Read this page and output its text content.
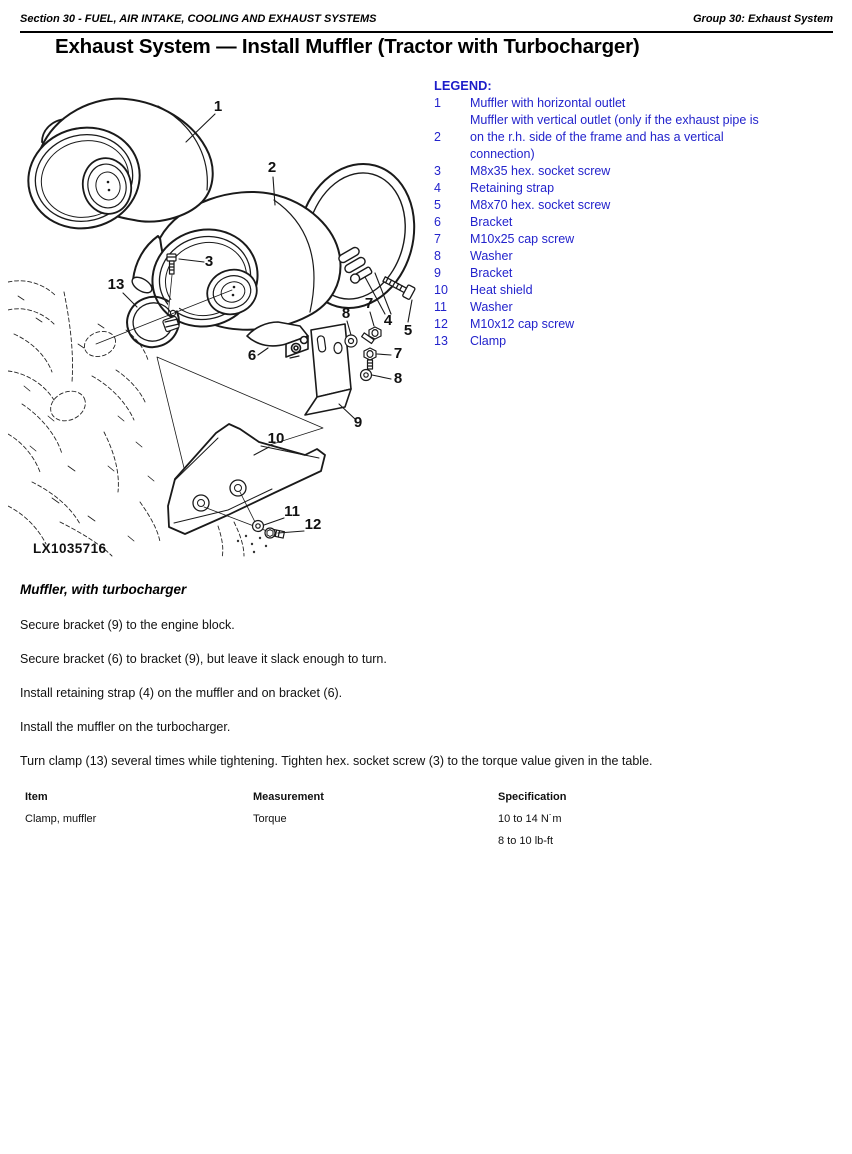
Section 30 - FUEL, AIR INTAKE, COOLING AND EXHAUST SYSTEMS	Group 30: Exhaust System
Exhaust System — Install Muffler (Tractor with Turbocharger)
1
2
3
13
8
7
4
5
6	7
8
9
10
11
12
LX1035716
LEGEND:
1	Muffler with horizontal outlet
Muffler with vertical outlet (only if the exhaust pipe is
2	on the r.h. side of the frame and has a vertical
connection)
3	M8x35 hex. socket screw
4	Retaining strap
5	M8x70 hex. socket screw
6	Bracket
7	M10x25 cap screw
8	Washer
9	Bracket
10	Heat shield
11	Washer
12	M10x12 cap screw
13	Clamp
Muffler, with turbocharger

Secure bracket (9) to the engine block.

Secure bracket (6) to bracket (9), but leave it slack enough to turn.

Install retaining strap (4) on the muffler and on bracket (6).

Install the muffler on the turbocharger.

Turn clamp (13) several times while tightening. Tighten hex. socket screw (3) to the torque value given in the table.

Item	Measurement	Specification
Clamp, muffler	Torque	10 to 14 N˙m
8 to 10 lb-ft
